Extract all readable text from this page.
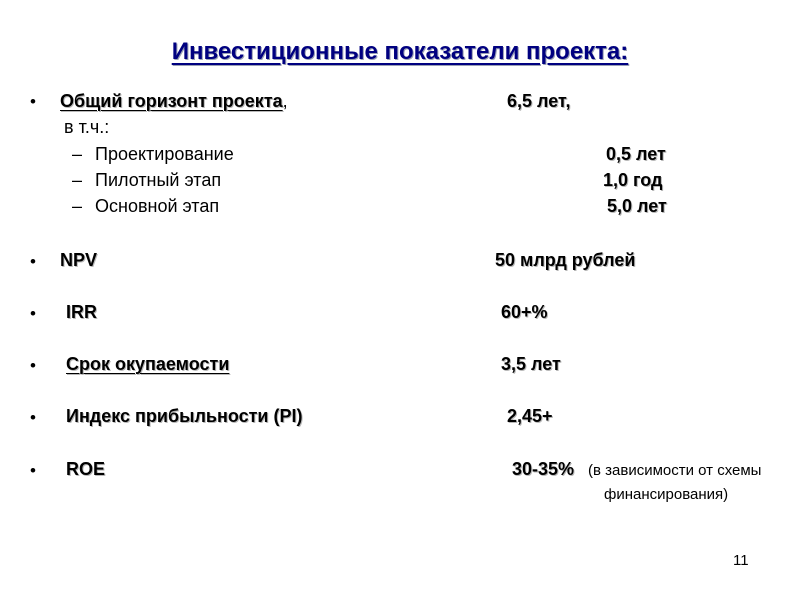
Инвестиционные показатели проекта:
• Общий горизонт проекта,	6,5 лет,
в т.ч.:
– Проектирование	0,5 лет
– Пилотный этап	1,0 год
– Основной этап	5,0 лет
• NPV	50 млрд рублей
• IRR	60+%
• Срок окупаемости	3,5 лет
• Индекс прибыльности (PI)	2,45+
• ROE	30-35% (в зависимости от схемы
финансирования)
11
